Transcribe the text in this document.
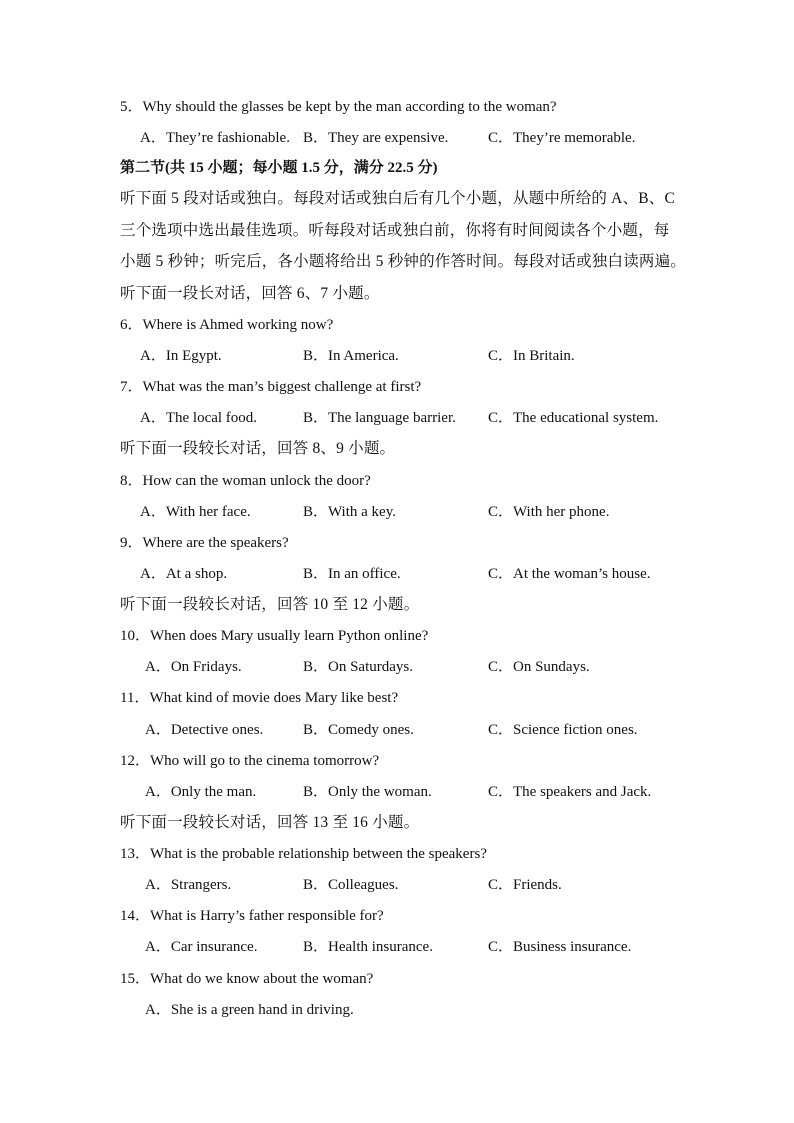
5．Why should the glasses be kept by the man according to the woman?
A．They’re fashionable. B．They are expensive.	C．They’re memorable.
第二节(共 15 小题；每小题 1.5 分，满分 22.5 分)
听下面 5 段对话或独白。每段对话或独白后有几个小题，从题中所给的 A、B、C
三个选项中选出最佳选项。听每段对话或独白前，你将有时间阅读各个小题，每
小题 5 秒钟；听完后，各小题将给出 5 秒钟的作答时间。每段对话或独白读两遍。
听下面一段长对话，回答 6、7 小题。
6．Where is Ahmed working now?
A．In Egypt.	B．In America.	C．In Britain.
7．What was the man’s biggest challenge at first?
A．The local food.	B．The language barrier. C．The educational system.
听下面一段较长对话，回答 8、9 小题。
8．How can the woman unlock the door?
A．With her face.	B．With a key.	C．With her phone.
9．Where are the speakers?
A．At a shop.	B．In an office.	C．At the woman’s house.
听下面一段较长对话，回答 10 至 12 小题。
10．When does Mary usually learn Python online?
A．On Fridays.	B．On Saturdays.	C．On Sundays.
11．What kind of movie does Mary like best?
A．Detective ones.	B．Comedy ones.	C．Science fiction ones.
12．Who will go to the cinema tomorrow?
A．Only the man.	B．Only the woman.	C．The speakers and Jack.
听下面一段较长对话，回答 13 至 16 小题。
13．What is the probable relationship between the speakers?
A．Strangers.	B．Colleagues.	C．Friends.
14．What is Harry’s father responsible for?
A．Car insurance.	B．Health insurance.	C．Business insurance.
15．What do we know about the woman?
A．She is a green hand in driving.
